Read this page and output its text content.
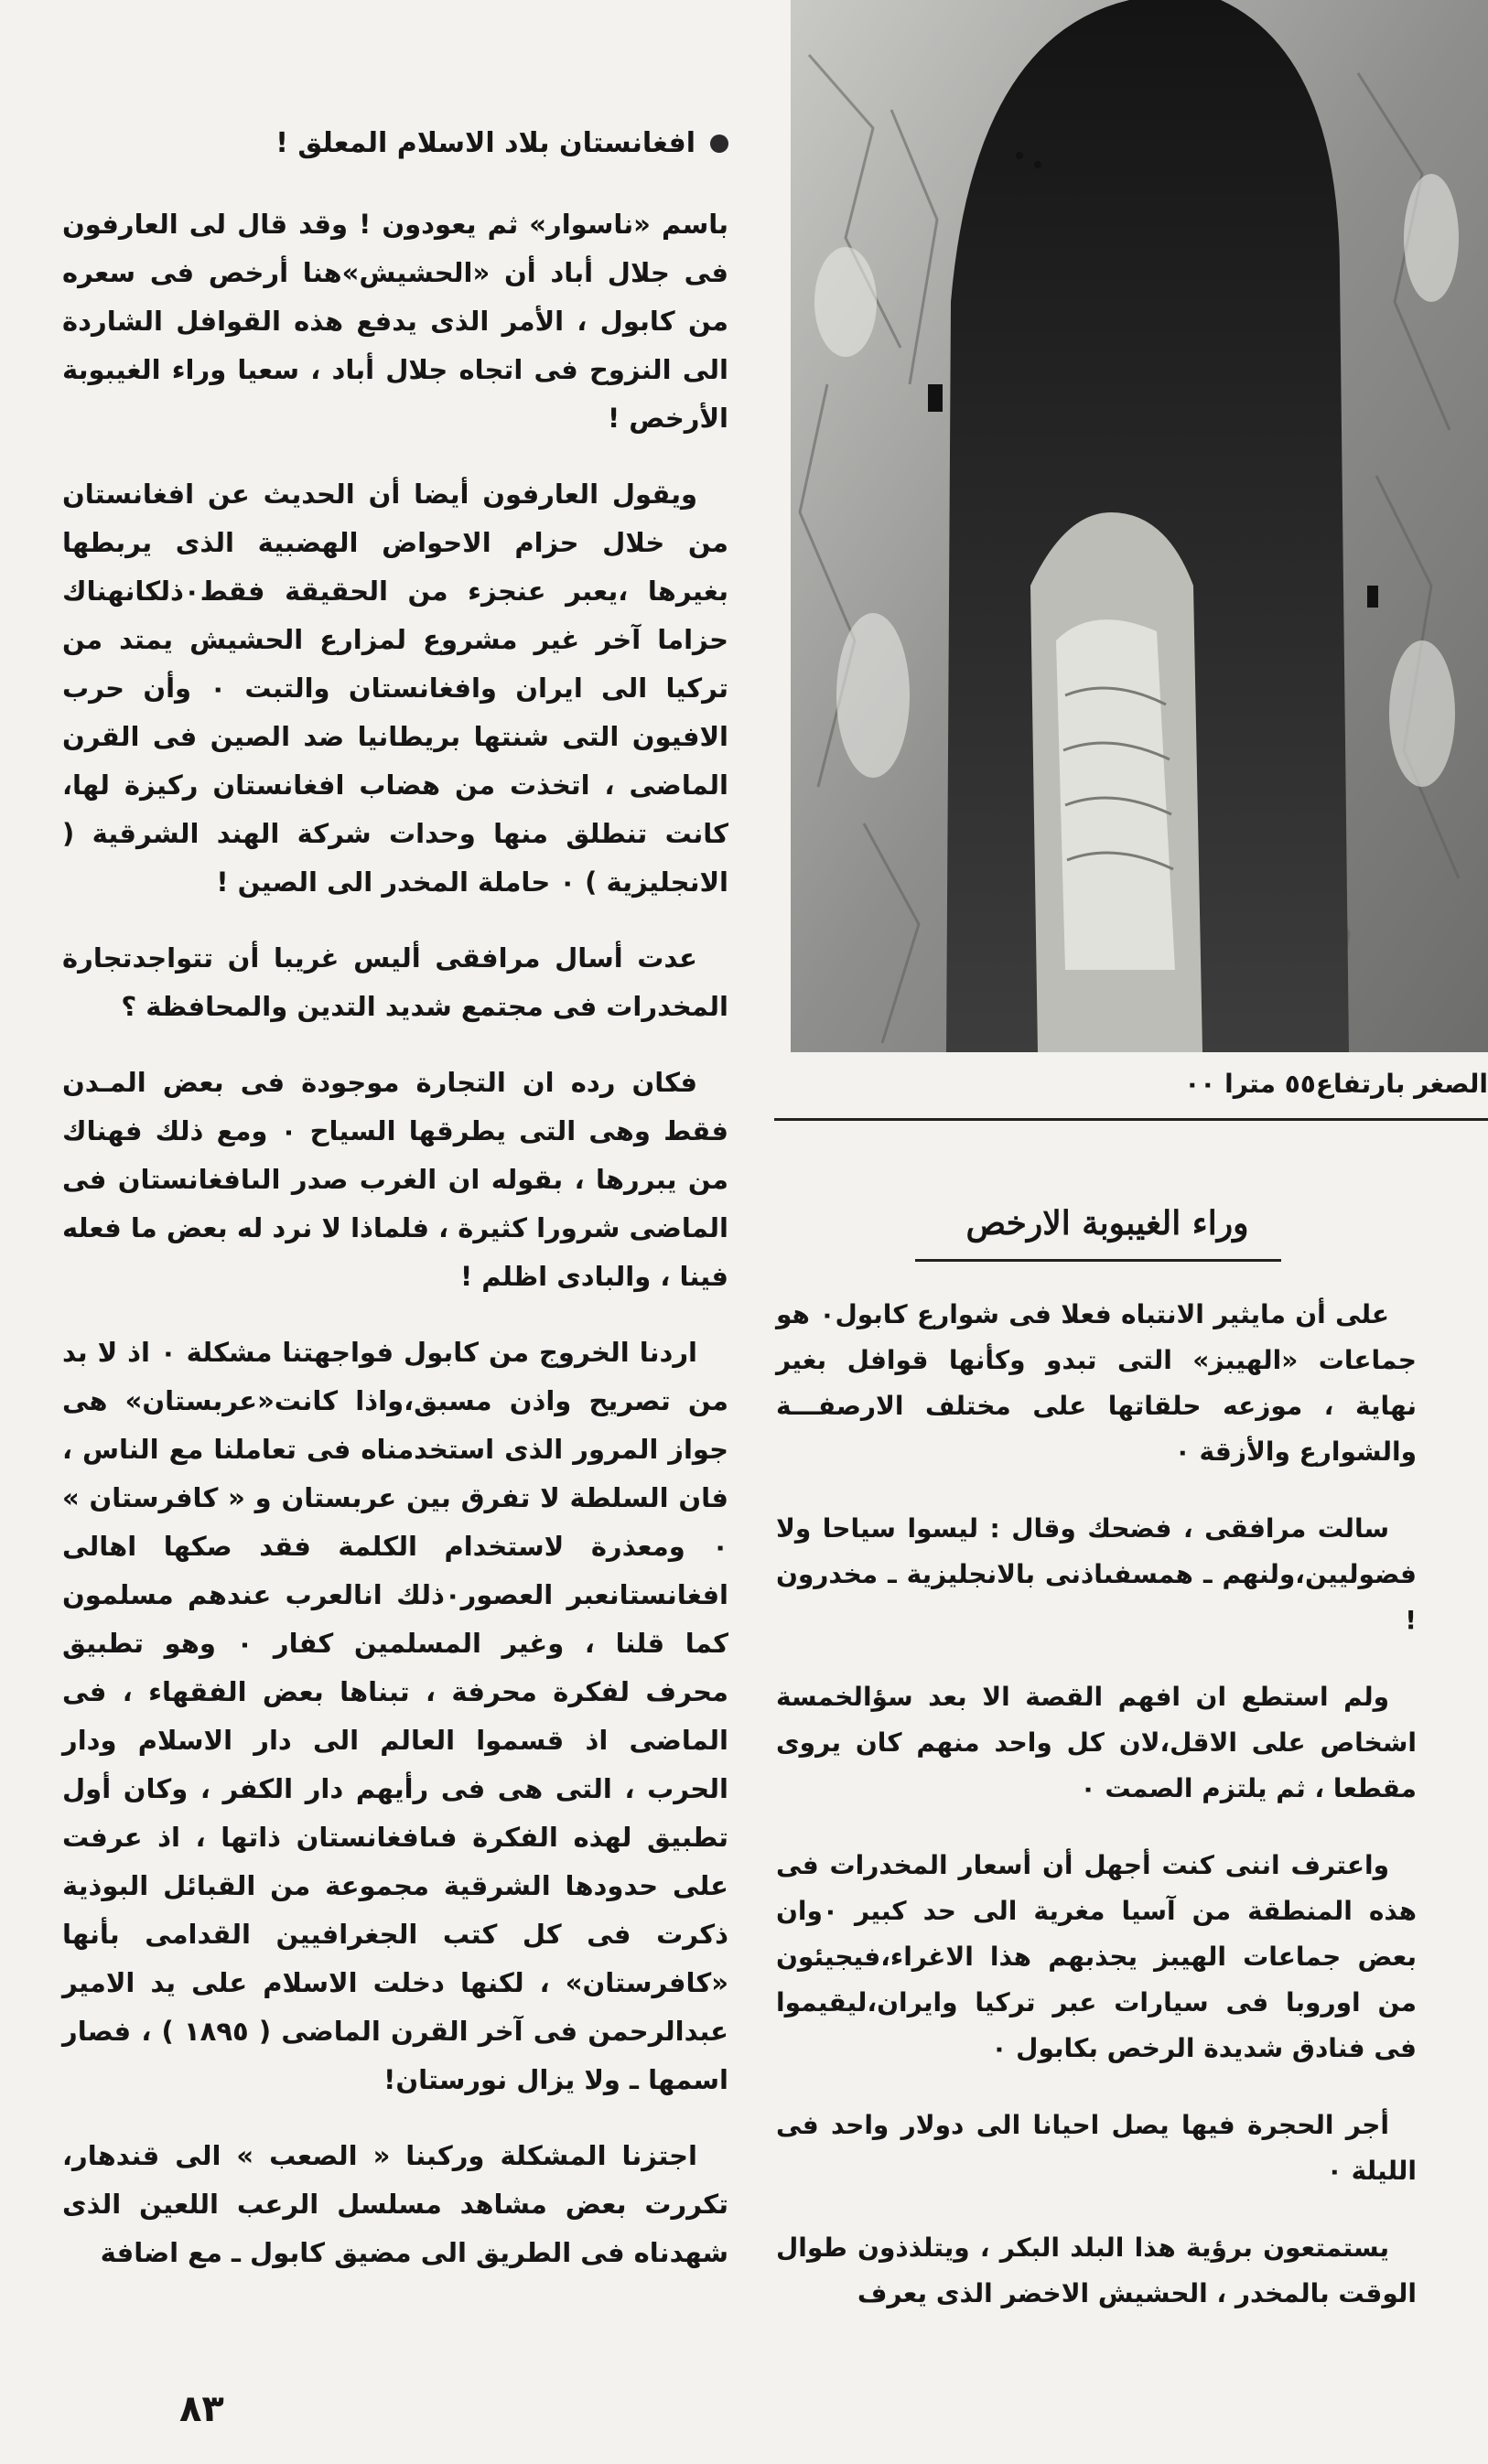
افغانستان بلاد الاسلام المعلق !

باسم «ناسوار» ثم يعودون ! وقد قال لى العارفون فى جلال أباد أن «الحشيش»هنا أرخص فى سعره من كابول ، الأمر الذى يدفع هذه القوافل الشاردة الى النزوح فى اتجاه جلال أباد ، سعيا وراء الغيبوبة الأرخص !

ويقول العارفون أيضا أن الحديث عن افغانستان من خلال حزام الاحواض الهضبية الذى يربطها بغيرها ،يعبر عنجزء من الحقيقة فقط٠ذلكانهناك حزاما آخر غير مشروع لمزارع الحشيش يمتد من تركيا الى ايران وافغانستان والتبت ٠ وأن حرب الافيون التى شنتها بريطانيا ضد الصين فى القرن الماضى ، اتخذت من هضاب افغانستان ركيزة لها، كانت تنطلق منها وحدات شركة الهند الشرقية ( الانجليزية ) ٠ حاملة المخدر الى الصين !

عدت أسال مرافقى أليس غريبا أن تتواجدتجارة المخدرات فى مجتمع شديد التدين والمحافظة ؟

فكان رده ان التجارة موجودة فى بعض المـدن فقط وهى التى يطرقها السياح ٠ ومع ذلك فهناك من يبررها ، بقوله ان الغرب صدر الىافغانستان فى الماضى شرورا كثيرة ، فلماذا لا نرد له بعض ما فعله فينا ، والبادى اظلم !

اردنا الخروج من كابول فواجهتنا مشكلة ٠ اذ لا بد من تصريح واذن مسبق،واذا كانت«عربستان» هى جواز المرور الذى استخدمناه فى تعاملنا مع الناس ، فان السلطة لا تفرق بين عربستان و « كافرستان » ٠ ومعذرة لاستخدام الكلمة فقد صكها اهالى افغانستانعبر العصور٠ذلك انالعرب عندهم مسلمون كما قلنا ، وغير المسلمين كفار ٠ وهو تطبيق محرف لفكرة محرفة ، تبناها بعض الفقهاء ، فى الماضى اذ قسموا العالم الى دار الاسلام ودار الحرب ، التى هى فى رأيهم دار الكفر ، وكان أول تطبيق لهذه الفكرة فىافغانستان ذاتها ، اذ عرفت على حدودها الشرقية مجموعة من القبائل البوذية ذكرت فى كل كتب الجغرافيين القدامى بأنها «كافرستان» ، لكنها دخلت الاسلام على يد الامير عبدالرحمن فى آخر القرن الماضى ( ١٨٩٥ ) ، فصار اسمها ـ ولا يزال نورستان!

اجتزنا المشكلة وركبنا « الصعب » الى قندهار، تكررت بعض مشاهد مسلسل الرعب اللعين الذى شهدناه فى الطريق الى مضيق كابول ـ مع اضافة

الصغر بارتفاع٥٥ مترا ٠٠
وراء الغيبوبة الارخص

على أن مايثير الانتباه فعلا فى شوارع كابول٠ هو جماعات «الهيبز» التى تبدو وكأنها قوافل بغير نهاية ، موزعه حلقاتها على مختلف الارصفـــة والشوارع والأزقة ٠

سالت مرافقى ، فضحك وقال : ليسوا سياحا ولا فضوليين،ولنهم ـ همسفىاذنى بالانجليزية ـ مخدرون !

ولم استطع ان افهم القصة الا بعد سؤالخمسة اشخاص على الاقل،لان كل واحد منهم كان يروى مقطعا ، ثم يلتزم الصمت ٠

واعترف اننى كنت أجهل أن أسعار المخدرات فى هذه المنطقة من آسيا مغرية الى حد كبير ٠وان بعض جماعات الهيبز يجذبهم هذا الاغراء،فيجيئون من اوروبا فى سيارات عبر تركيا وايران،ليقيموا فى فنادق شديدة الرخص بكابول ٠

أجر الحجرة فيها يصل احيانا الى دولار واحد فى الليلة ٠

يستمتعون برؤية هذا البلد البكر ، ويتلذذون طوال الوقت بالمخدر ، الحشيش الاخضر الذى يعرف

٨٣
